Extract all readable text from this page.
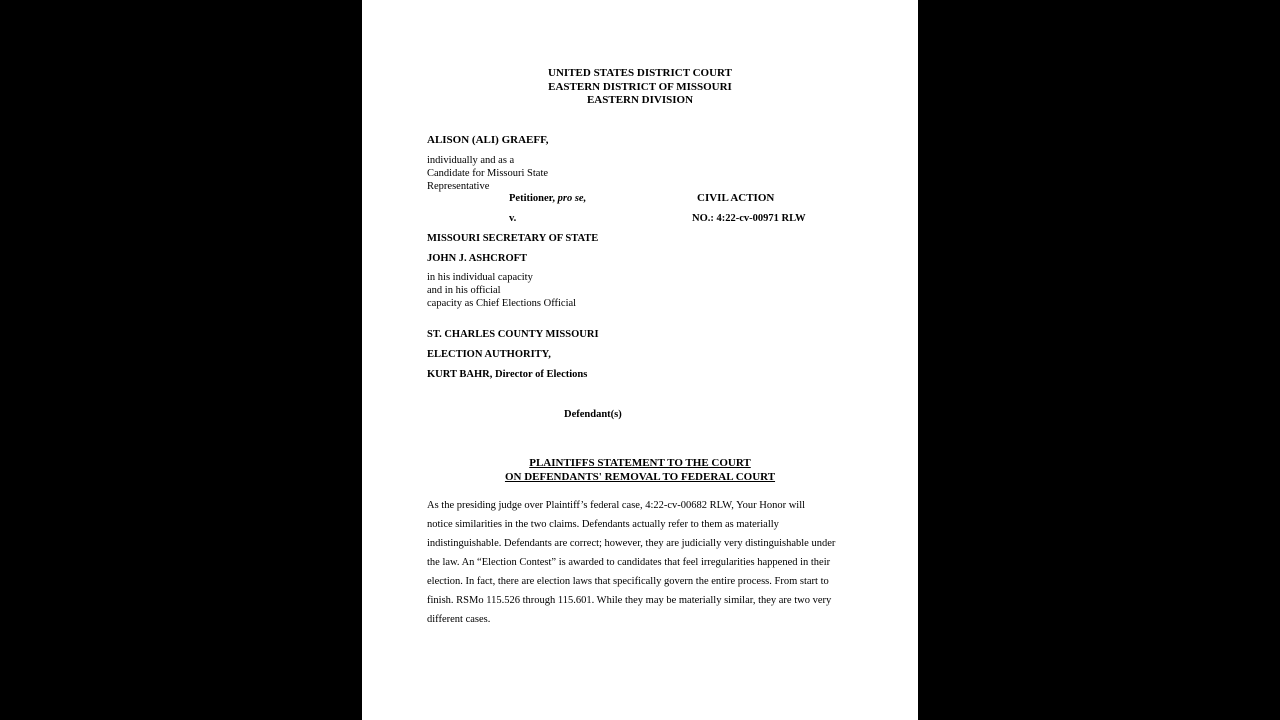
UNITED STATES DISTRICT COURT
EASTERN DISTRICT OF MISSOURI
EASTERN DIVISION
ALISON (ALI) GRAEFF,
individually and as a
Candidate for Missouri State
Representative
Petitioner, pro se,	CIVIL ACTION
v.	NO.: 4:22-cv-00971 RLW
MISSOURI SECRETARY OF STATE
JOHN J. ASHCROFT
in his individual capacity
and in his official
capacity as Chief Elections Official
ST. CHARLES COUNTY MISSOURI
ELECTION AUTHORITY,
KURT BAHR, Director of Elections
Defendant(s)
PLAINTIFFS STATEMENT TO THE COURT
ON DEFENDANTS' REMOVAL TO FEDERAL COURT
As the presiding judge over Plaintiff’s federal case, 4:22-cv-00682 RLW, Your Honor will
notice similarities in the two claims. Defendants actually refer to them as materially
indistinguishable. Defendants are correct; however, they are judicially very distinguishable under
the law. An “Election Contest” is awarded to candidates that feel irregularities happened in their
election. In fact, there are election laws that specifically govern the entire process. From start to
finish. RSMo 115.526 through 115.601. While they may be materially similar, they are two very
different cases.
